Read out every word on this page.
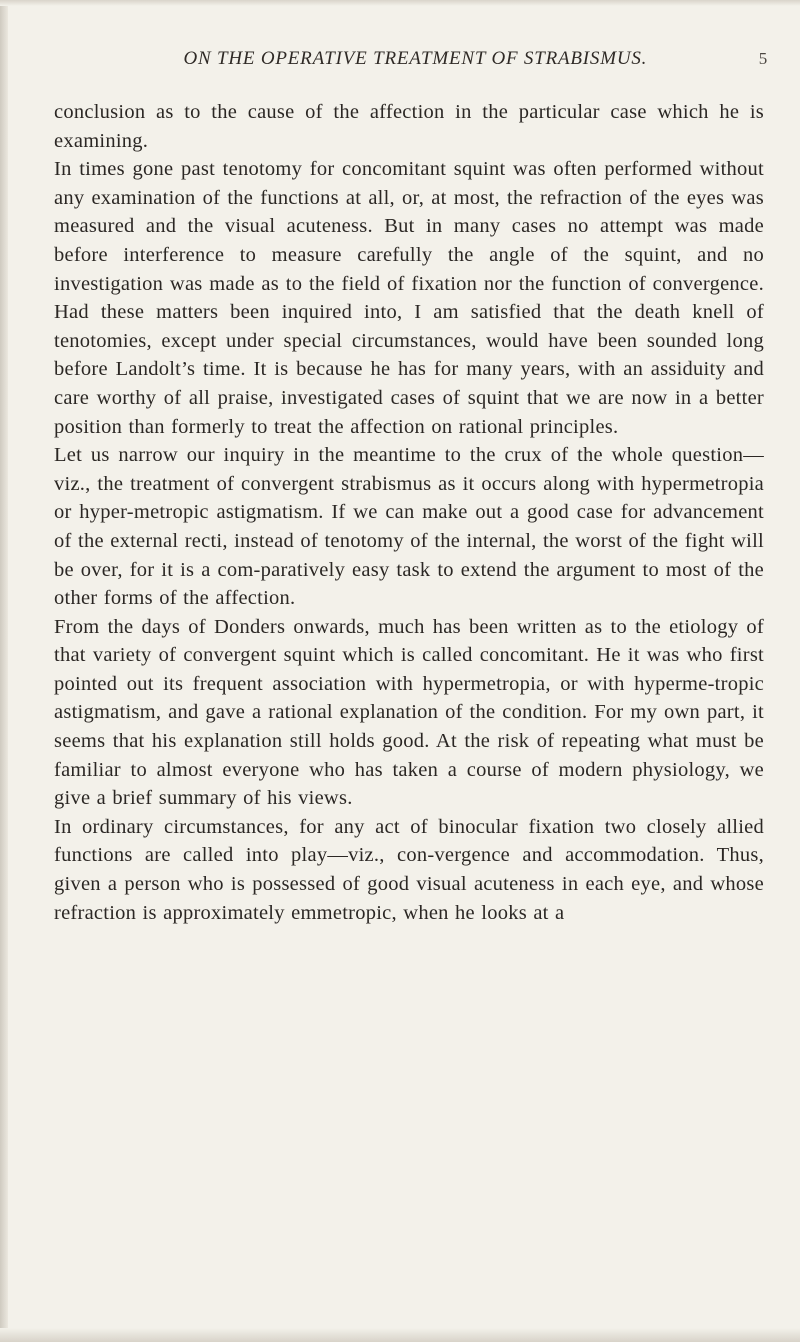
ON THE OPERATIVE TREATMENT OF STRABISMUS.	5

conclusion as to the cause of the affection in the particular case which he is examining.

In times gone past tenotomy for concomitant squint was often performed without any examination of the functions at all, or, at most, the refraction of the eyes was measured and the visual acuteness. But in many cases no attempt was made before interference to measure carefully the angle of the squint, and no investigation was made as to the field of fixation nor the function of convergence. Had these matters been inquired into, I am satisfied that the death knell of tenotomies, except under special circumstances, would have been sounded long before Landolt’s time. It is because he has for many years, with an assiduity and care worthy of all praise, investigated cases of squint that we are now in a better position than formerly to treat the affection on rational principles.

Let us narrow our inquiry in the meantime to the crux of the whole question—viz., the treatment of convergent strabismus as it occurs along with hypermetropia or hyper-metropic astigmatism. If we can make out a good case for advancement of the external recti, instead of tenotomy of the internal, the worst of the fight will be over, for it is a com-paratively easy task to extend the argument to most of the other forms of the affection.

From the days of Donders onwards, much has been written as to the etiology of that variety of convergent squint which is called concomitant. He it was who first pointed out its frequent association with hypermetropia, or with hyperme-tropic astigmatism, and gave a rational explanation of the condition. For my own part, it seems that his explanation still holds good. At the risk of repeating what must be familiar to almost everyone who has taken a course of modern physiology, we give a brief summary of his views.

In ordinary circumstances, for any act of binocular fixation two closely allied functions are called into play—viz., con-vergence and accommodation. Thus, given a person who is possessed of good visual acuteness in each eye, and whose refraction is approximately emmetropic, when he looks at a
